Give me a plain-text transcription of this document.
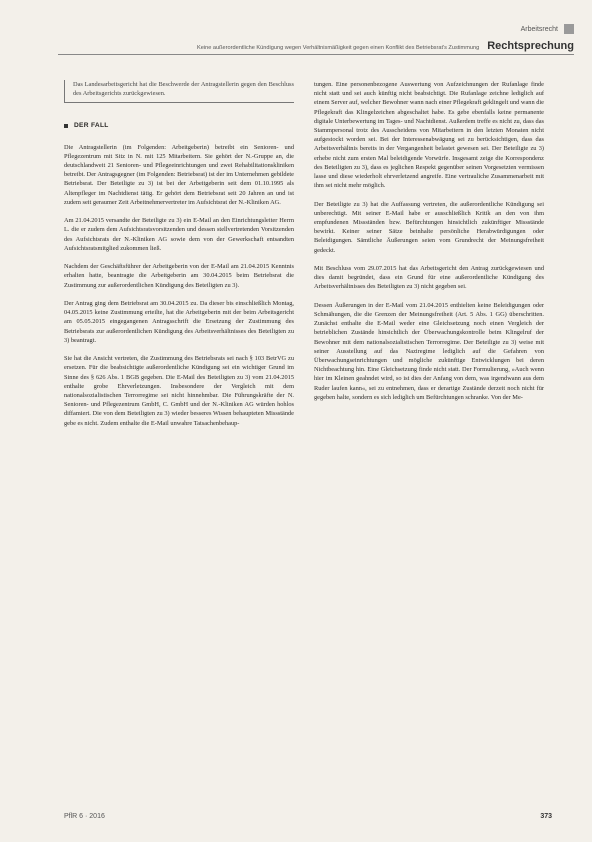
Arbeitsrecht
Keine außerordentliche Kündigung wegen Verhältnismäßigkeit gegen einen Konflikt des Betriebsrat's Zustimmung Rechtsprechung

Das Landesarbeitsgericht hat die Beschwerde der Antragstellerin gegen den Beschluss des Arbeitsgerichts zurückgewiesen.

DER FALL

Die Antragstellerin (im Folgenden: Arbeitgeberin) betreibt ein Senioren- und Pflegezentrum mit Sitz in N. mit 125 Mitarbeitern. Sie gehört der N.-Gruppe an, die deutschlandweit 21 Senioren- und Pflegeeinrichtungen und zwei Rehabilitationskliniken betreibt. Der Antragsgegner (im Folgenden: Betriebsrat) ist der im Unternehmen gebildete Betriebsrat. Der Beteiligte zu 3) ist bei der Arbeitgeberin seit dem 01.10.1995 als Altenpfleger im Nachtdienst tätig. Er gehört dem Betriebsrat seit 20 Jahren an und ist zudem seit geraumer Zeit Arbeitnehmervertreter im Aufsichtsrat der N.-Kliniken AG.

Am 21.04.2015 versandte der Beteiligte zu 3) ein E-Mail an den Einrichtungsleiter Herrn L. die er zudem dem Aufsichtsratsvorsitzenden und dessen stellvertretenden Vorsitzenden des Aufsichtsrats der N.-Kliniken AG sowie dem von der Gewerkschaft entsandten Aufsichtsratsmitglied zukommen ließ.

Nachdem der Geschäftsführer der Arbeitgeberin von der E-Mail am 21.04.2015 Kenntnis erhalten hatte, beantragte die Arbeitgeberin am 30.04.2015 beim Betriebsrat die Zustimmung zur außerordentlichen Kündigung des Beteiligten zu 3).

Der Antrag ging dem Betriebsrat am 30.04.2015 zu. Da dieser bis einschließlich Montag, 04.05.2015 keine Zustimmung erteilte, hat die Arbeitgeberin mit der beim Arbeitsgericht am 05.05.2015 eingegangenen Antragsschrift die Ersetzung der Zustimmung des Betriebsrats zur außerordentlichen Kündigung des Arbeitsverhältnisses des Beteiligten zu 3) beantragt.

Sie hat die Ansicht vertreten, die Zustimmung des Betriebsrats sei nach § 103 BetrVG zu ersetzen. Für die beabsichtigte außerordentliche Kündigung sei ein wichtiger Grund im Sinne des § 626 Abs. 1 BGB gegeben. Die E-Mail des Beteiligten zu 3) vom 21.04.2015 enthalte grobe Ehrverletzungen. Insbesondere der Vergleich mit dem nationalsozialistischen Terrorregime sei nicht hinnehmbar. Die Führungskräfte der N. Senioren- und Pflegezentrum GmbH, C. GmbH und der N.-Kliniken AG würden hohlos diffamiert. Die von dem Beteiligten zu 3) wieder besseres Wissen behaupteten Missstände gebe es nicht. Zudem enthalte die E-Mail unwahre Tatsachenbehaup-

tungen. Eine personenbezogene Auswertung von Aufzeichnungen der Rufanlage finde nicht statt und sei auch künftig nicht beabsichtigt. Die Rufanlage zeichne lediglich auf einem Server auf, welcher Bewohner wann nach einer Pflegekraft geklingelt und wann die Pflegekraft das Klingelzeichen abgeschaltet habe. Es gebe ebenfalls keine permanente digitale Unterbewertung im Tages- und Nachtdienst. Außerdem treffe es nicht zu, dass das Stammpersonal trotz des Ausscheidens von Mitarbeitern in den letzten Monaten nicht aufgestockt worden sei. Bei der Interessenabwägung sei zu berücksichtigen, dass das Arbeitsverhältnis bereits in der Vergangenheit belastet gewesen sei. Der Beteiligte zu 3) erhebe nicht zum ersten Mal beleidigende Vorwürfe. Insgesamt zeige die Korrespondenz des Beteiligten zu 3), dass es jeglichen Respekt gegenüber seinen Vorgesetzten vermissen lasse und diese wiederholt ehrverletzend angreife. Eine vertrauliche Zusammenarbeit mit ihm sei nicht mehr möglich.

Der Beteiligte zu 3) hat die Auffassung vertreten, die außerordentliche Kündigung sei unberechtigt. Mit seiner E-Mail habe er ausschließlich Kritik an den von ihm empfundenen Missständen bzw. Befürchtungen hinsichtlich zukünftiger Missstände bewirkt. Keiner seiner Sätze beinhalte persönliche Herabwürdigungen oder Beleidigungen. Sämtliche Äußerungen seien vom Grundrecht der Meinungsfreiheit gedeckt.

Mit Beschluss vom 29.07.2015 hat das Arbeitsgericht den Antrag zurückgewiesen und dies damit begründet, dass ein Grund für eine außerordentliche Kündigung des Arbeitsverhältnisses des Beteiligten zu 3) nicht gegeben sei.

Dessen Äußerungen in der E-Mail vom 21.04.2015 enthielten keine Beleidigungen oder Schmähungen, die die Grenzen der Meinungsfreiheit (Art. 5 Abs. 1 GG) überschritten. Zunächst enthalte die E-Mail weder eine Gleichsetzung noch einen Vergleich der betrieblichen Zustände hinsichtlich der Überwachungskontrolle beim Klingelruf der Bewohner mit dem nationalsozialistischen Terrorregime. Der Beteiligte zu 3) weise mit seiner Ausstellung auf das Naziregime lediglich auf die Gefahren von Überwachungseinrichtungen und mögliche zukünftige Entwicklungen bei deren Nichtbeachtung hin. Eine Gleichsetzung finde nicht statt. Der Formulierung, »Auch wenn hier im Kleinen geahndet wird, so ist dies der Anfang von dem, was irgendwann aus dem Ruder laufen kann«, sei zu entnehmen, dass er derartige Zustände derzeit noch nicht für gegeben halte, sondern es sich lediglich um Befürchtungen schranke. Von der Me-

PflR 6 · 2016	373
